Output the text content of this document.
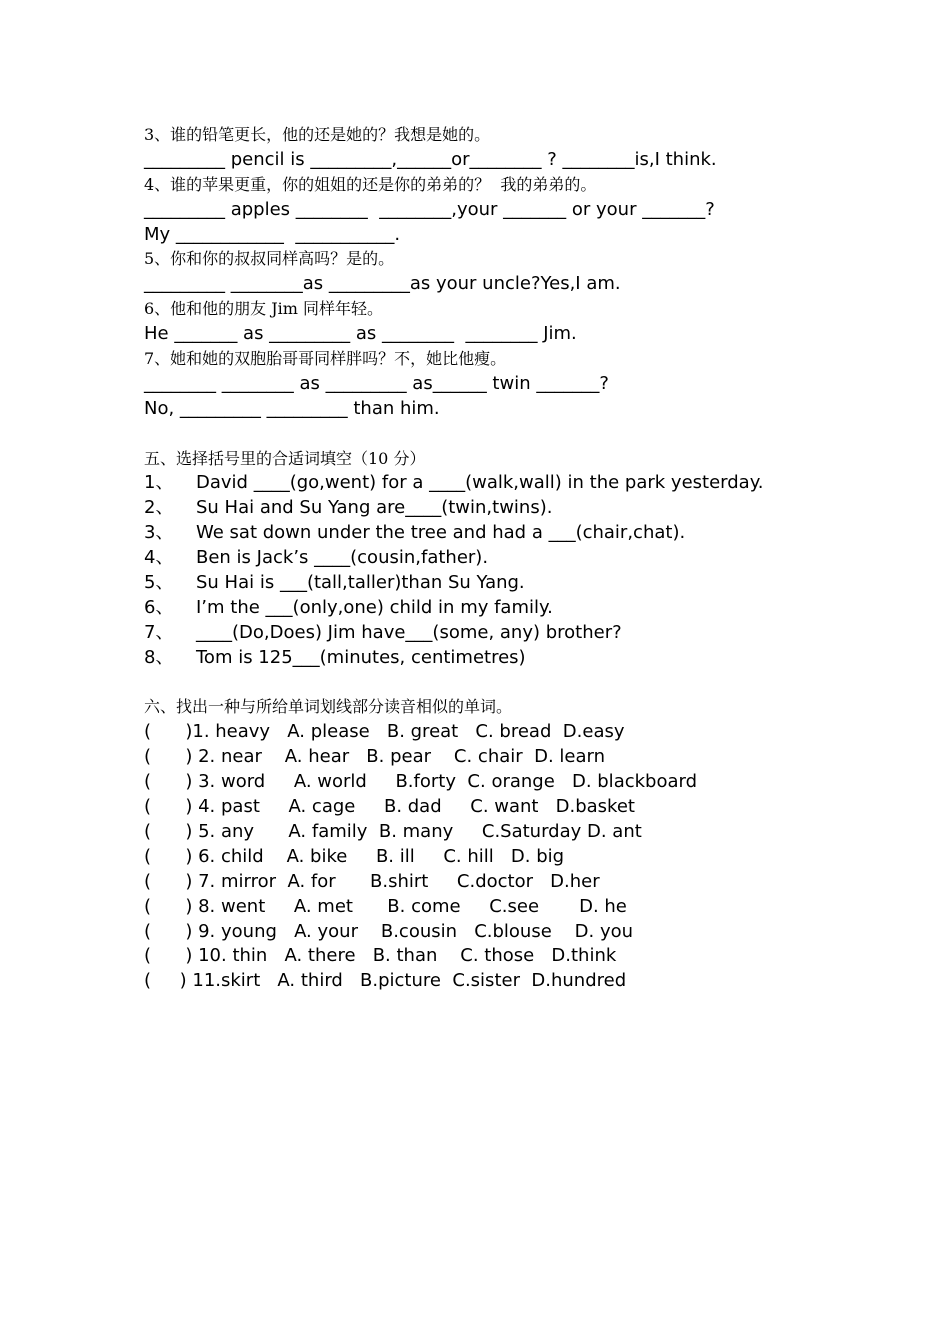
3、谁的铅笔更长，他的还是她的？我想是她的。
_________ pencil is _________,______or________ ? ________is,I think.
4、谁的苹果更重，你的姐姐的还是你的弟弟的？  我的弟弟的。
_________ apples ________  ________,your _______ or your _______?
My ____________  ___________.
5、你和你的叔叔同样高吗？是的。
_________ ________as _________as your uncle?Yes,I am.
6、他和他的朋友 Jim 同样年轻。
He _______ as _________ as ________  ________ Jim.
7、她和她的双胞胎哥哥同样胖吗？不，她比他瘦。
________ ________ as _________ as______ twin _______?
No, _________ _________ than him.
五、选择括号里的合适词填空（10 分）
1、 David ____(go,went) for a ____(walk,wall) in the park yesterday.
2、 Su Hai and Su Yang are____(twin,twins).
3、 We sat down under the tree and had a ___(chair,chat).
4、 Ben is Jack’s ____(cousin,father).
5、 Su Hai is ___(tall,taller)than Su Yang.
6、 I’m the ___(only,one) child in my family.
7、 ____(Do,Does) Jim have___(some, any) brother?
8、 Tom is 125___(minutes, centimetres)
六、找出一种与所给单词划线部分读音相似的单词。
(      )1. heavy   A. please   B. great   C. bread  D.easy
(      ) 2. near    A. hear   B. pear    C. chair  D. learn
(      ) 3. word     A. world     B.forty  C. orange   D. blackboard
(      ) 4. past     A. cage     B. dad     C. want   D.basket
(      ) 5. any      A. family  B. many     C.Saturday D. ant
(      ) 6. child    A. bike     B. ill     C. hill   D. big
(      ) 7. mirror  A. for      B.shirt     C.doctor   D.her
(      ) 8. went     A. met      B. come     C.see       D. he
(      ) 9. young   A. your    B.cousin   C.blouse    D. you
(      ) 10. thin   A. there   B. than    C. those   D.think
(     ) 11.skirt   A. third   B.picture  C.sister  D.hundred
